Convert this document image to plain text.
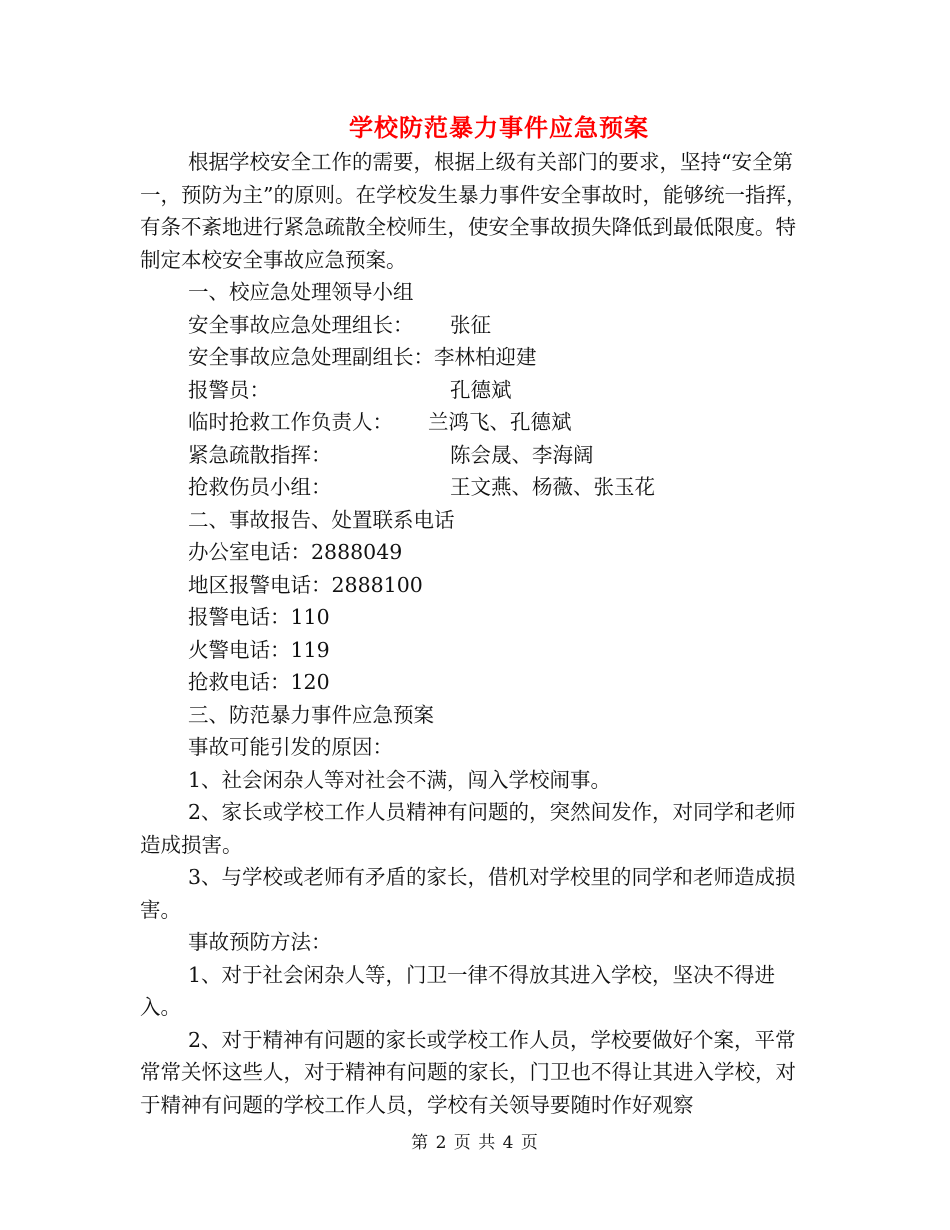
学校防范暴力事件应急预案

根据学校安全工作的需要，根据上级有关部门的要求，坚持“安全第一，预防为主”的原则。在学校发生暴力事件安全事故时，能够统一指挥，有条不紊地进行紧急疏散全校师生，使安全事故损失降低到最低限度。特制定本校安全事故应急预案。

一、校应急处理领导小组

安全事故应急处理组长： 张征

安全事故应急处理副组长：李林柏迎建

报警员：	孔德斌

临时抢救工作负责人： 兰鸿飞、孔德斌

紧急疏散指挥：	陈会晟、李海阔

抢救伤员小组：	王文燕、杨薇、张玉花

二、事故报告、处置联系电话

办公室电话：2888049

地区报警电话：2888100

报警电话：110

火警电话：119

抢救电话：120

三、防范暴力事件应急预案

事故可能引发的原因：

1、社会闲杂人等对社会不满，闯入学校闹事。

2、家长或学校工作人员精神有问题的，突然间发作，对同学和老师造成损害。

3、与学校或老师有矛盾的家长，借机对学校里的同学和老师造成损害。

事故预防方法：

1、对于社会闲杂人等，门卫一律不得放其进入学校，坚决不得进入。

2、对于精神有问题的家长或学校工作人员，学校要做好个案，平常常常关怀这些人，对于精神有问题的家长，门卫也不得让其进入学校，对于精神有问题的学校工作人员，学校有关领导要随时作好观察

第 2 页 共 4 页
